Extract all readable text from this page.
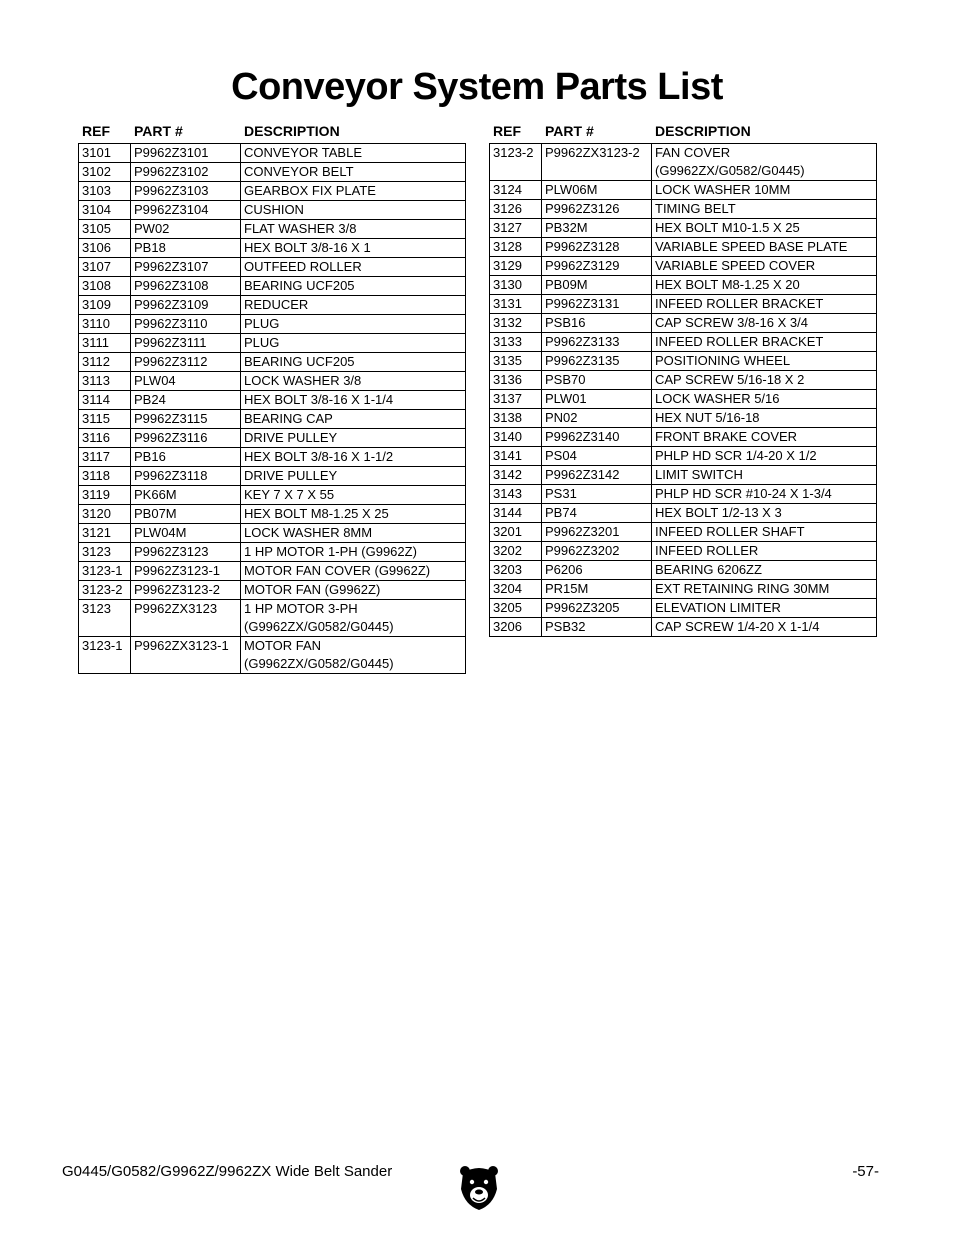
Conveyor System Parts List
REF	PART #	DESCRIPTION
3101	P9962Z3101	CONVEYOR TABLE
3102	P9962Z3102	CONVEYOR BELT
3103	P9962Z3103	GEARBOX FIX PLATE
3104	P9962Z3104	CUSHION
3105	PW02	FLAT WASHER 3/8
3106	PB18	HEX BOLT 3/8-16 X 1
3107	P9962Z3107	OUTFEED ROLLER
3108	P9962Z3108	BEARING UCF205
3109	P9962Z3109	REDUCER
3110	P9962Z3110	PLUG
3111	P9962Z3111	PLUG
3112	P9962Z3112	BEARING UCF205
3113	PLW04	LOCK WASHER 3/8
3114	PB24	HEX BOLT 3/8-16 X 1-1/4
3115	P9962Z3115	BEARING CAP
3116	P9962Z3116	DRIVE PULLEY
3117	PB16	HEX BOLT 3/8-16 X 1-1/2
3118	P9962Z3118	DRIVE PULLEY
3119	PK66M	KEY 7 X 7 X 55
3120	PB07M	HEX BOLT M8-1.25 X 25
3121	PLW04M	LOCK WASHER 8MM
3123	P9962Z3123	1 HP MOTOR 1-PH (G9962Z)
3123-1	P9962Z3123-1	MOTOR FAN COVER (G9962Z)
3123-2	P9962Z3123-2	MOTOR FAN (G9962Z)
3123	P9962ZX3123	1 HP MOTOR 3-PH (G9962ZX/G0582/G0445)
3123-1	P9962ZX3123-1	MOTOR FAN (G9962ZX/G0582/G0445)
REF	PART #	DESCRIPTION
3123-2	P9962ZX3123-2	FAN COVER (G9962ZX/G0582/G0445)
3124	PLW06M	LOCK WASHER 10MM
3126	P9962Z3126	TIMING BELT
3127	PB32M	HEX BOLT M10-1.5 X 25
3128	P9962Z3128	VARIABLE SPEED BASE PLATE
3129	P9962Z3129	VARIABLE SPEED COVER
3130	PB09M	HEX BOLT M8-1.25 X 20
3131	P9962Z3131	INFEED ROLLER BRACKET
3132	PSB16	CAP SCREW 3/8-16 X 3/4
3133	P9962Z3133	INFEED ROLLER BRACKET
3135	P9962Z3135	POSITIONING WHEEL
3136	PSB70	CAP SCREW 5/16-18 X 2
3137	PLW01	LOCK WASHER 5/16
3138	PN02	HEX NUT 5/16-18
3140	P9962Z3140	FRONT BRAKE COVER
3141	PS04	PHLP HD SCR 1/4-20 X 1/2
3142	P9962Z3142	LIMIT SWITCH
3143	PS31	PHLP HD SCR #10-24 X 1-3/4
3144	PB74	HEX BOLT 1/2-13 X 3
3201	P9962Z3201	INFEED ROLLER SHAFT
3202	P9962Z3202	INFEED ROLLER
3203	P6206	BEARING 6206ZZ
3204	PR15M	EXT RETAINING RING 30MM
3205	P9962Z3205	ELEVATION LIMITER
3206	PSB32	CAP SCREW 1/4-20 X 1-1/4
G0445/G0582/G9962Z/9962ZX Wide Belt Sander	-57-
